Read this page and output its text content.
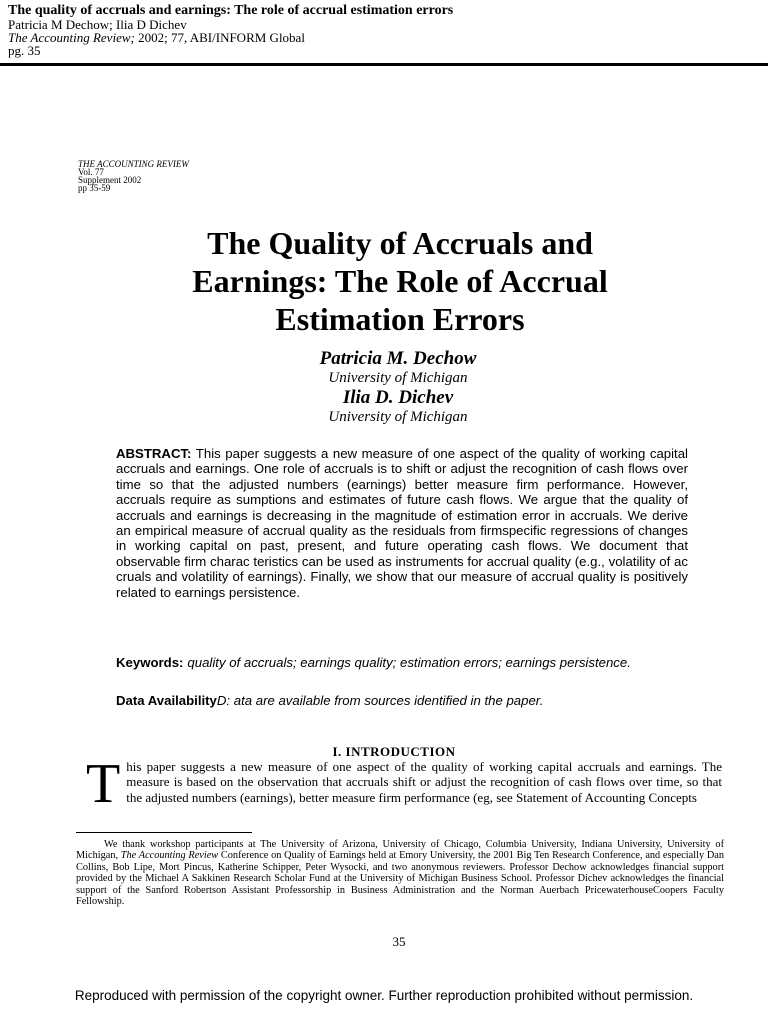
The quality of accruals and earnings: The role of accrual estimation errors
Patricia M Dechow; Ilia D Dichev
The Accounting Review; 2002; 77, ABI/INFORM Global
pg. 35
THE ACCOUNTING REVIEW
Vol. 77
Supplement 2002
pp 35-59
The Quality of Accruals and
Earnings: The Role of Accrual
Estimation Errors
Patricia M. Dechow
University of Michigan
Ilia D. Dichev
University of Michigan
ABSTRACT: This paper suggests a new measure of one aspect of the quality of working capital accruals and earnings. One role of accruals is to shift or adjust the recognition of cash flows over time so that the adjusted numbers (earnings) better measure firm performance. However, accruals require as sumptions and estimates of future cash flows. We argue that the quality of accruals and earnings is decreasing in the magnitude of estimation error in accruals. We derive an empirical measure of accrual quality as the residuals from firmspecific regressions of changes in working capital on past, present, and future operating cash flows. We document that observable firm charac teristics can be used as instruments for accrual quality (e.g., volatility of ac cruals and volatility of earnings). Finally, we show that our measure of accrual quality is positively related to earnings persistence.
Keywords: quality of accruals; earnings quality; estimation errors; earnings persistence.
Data AvailabilityD: ata are available from sources identified in the paper.
I. INTRODUCTION
This paper suggests a new measure of one aspect of the quality of working capital accruals and earnings. The measure is based on the observation that accruals shift or adjust the recognition of cash flows over time, so that the adjusted numbers (earnings), better measure firm performance (eg, see Statement of Accounting Concepts
We thank workshop participants at The University of Arizona, University of Chicago, Columbia University, Indiana University, University of Michigan, The Accounting Review Conference on Quality of Earnings held at Emory University, the 2001 Big Ten Research Conference, and especially Dan Collins, Bob Lipe, Mort Pincus, Katherine Schipper, Peter Wysocki, and two anonymous reviewers. Professor Dechow acknowledges financial support provided by the Michael A Sakkinen Research Scholar Fund at the University of Michigan Business School. Professor Dichev acknowledges the financial support of the Sanford Robertson Assistant Professorship in Business Administration and the Norman Auerbach PricewaterhouseCoopers Faculty Fellowship.
35
Reproduced with permission of the copyright owner. Further reproduction prohibited without permission.
